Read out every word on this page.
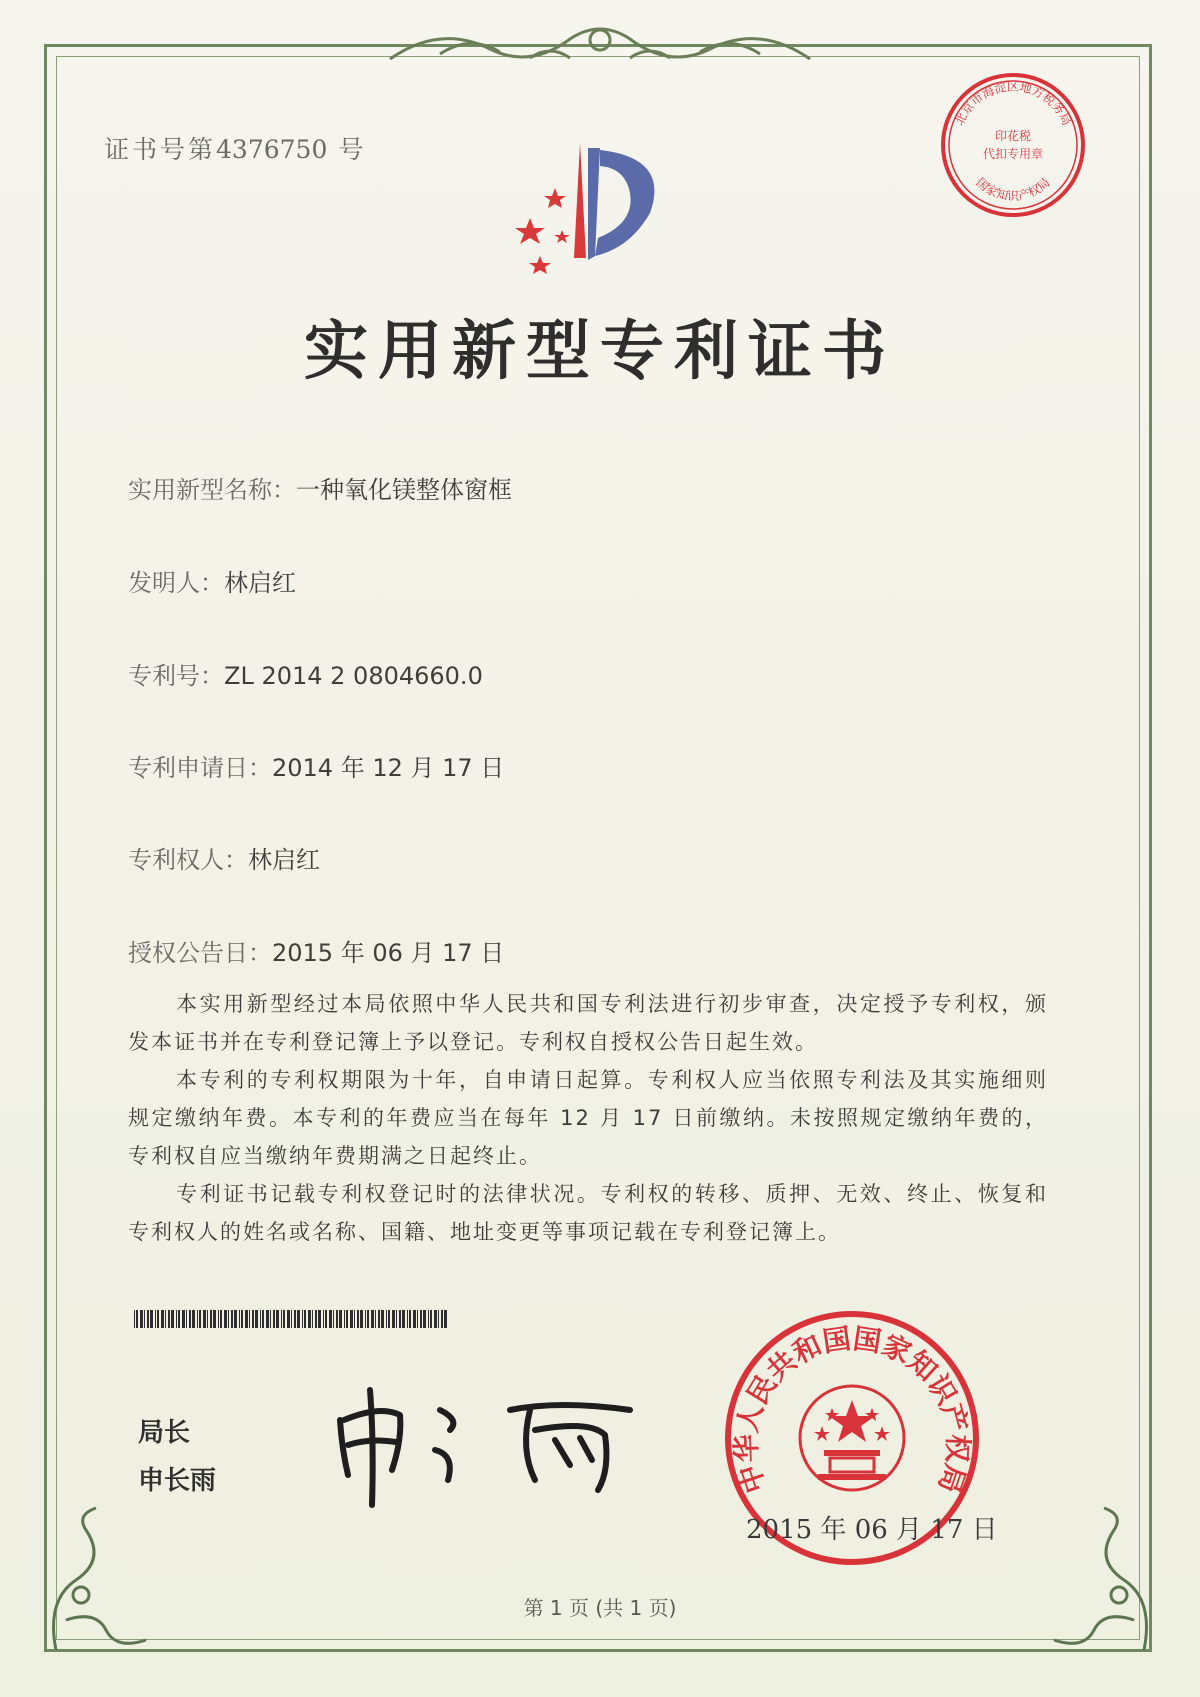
证书号第4376750 号
实用新型专利证书
实用新型名称：一种氧化镁整体窗框
发明人：林启红
专利号：ZL 2014 2 0804660.0
专利申请日：2014 年 12 月 17 日
专利权人：林启红
授权公告日：2015 年 06 月 17 日

本实用新型经过本局依照中华人民共和国专利法进行初步审查，决定授予专利权，颁发本证书并在专利登记簿上予以登记。专利权自授权公告日起生效。

本专利的专利权期限为十年，自申请日起算。专利权人应当依照专利法及其实施细则规定缴纳年费。本专利的年费应当在每年 12 月 17 日前缴纳。未按照规定缴纳年费的，专利权自应当缴纳年费期满之日起终止。

专利证书记载专利权登记时的法律状况。专利权的转移、质押、无效、终止、恢复和专利权人的姓名或名称、国籍、地址变更等事项记载在专利登记簿上。

局长
申长雨
北京市海淀区地方税务局
国家知识产权局
印花税
代扣专用章
中华人民共和国国家知识产权局
2015 年 06 月 17 日
第 1 页 (共 1 页)
